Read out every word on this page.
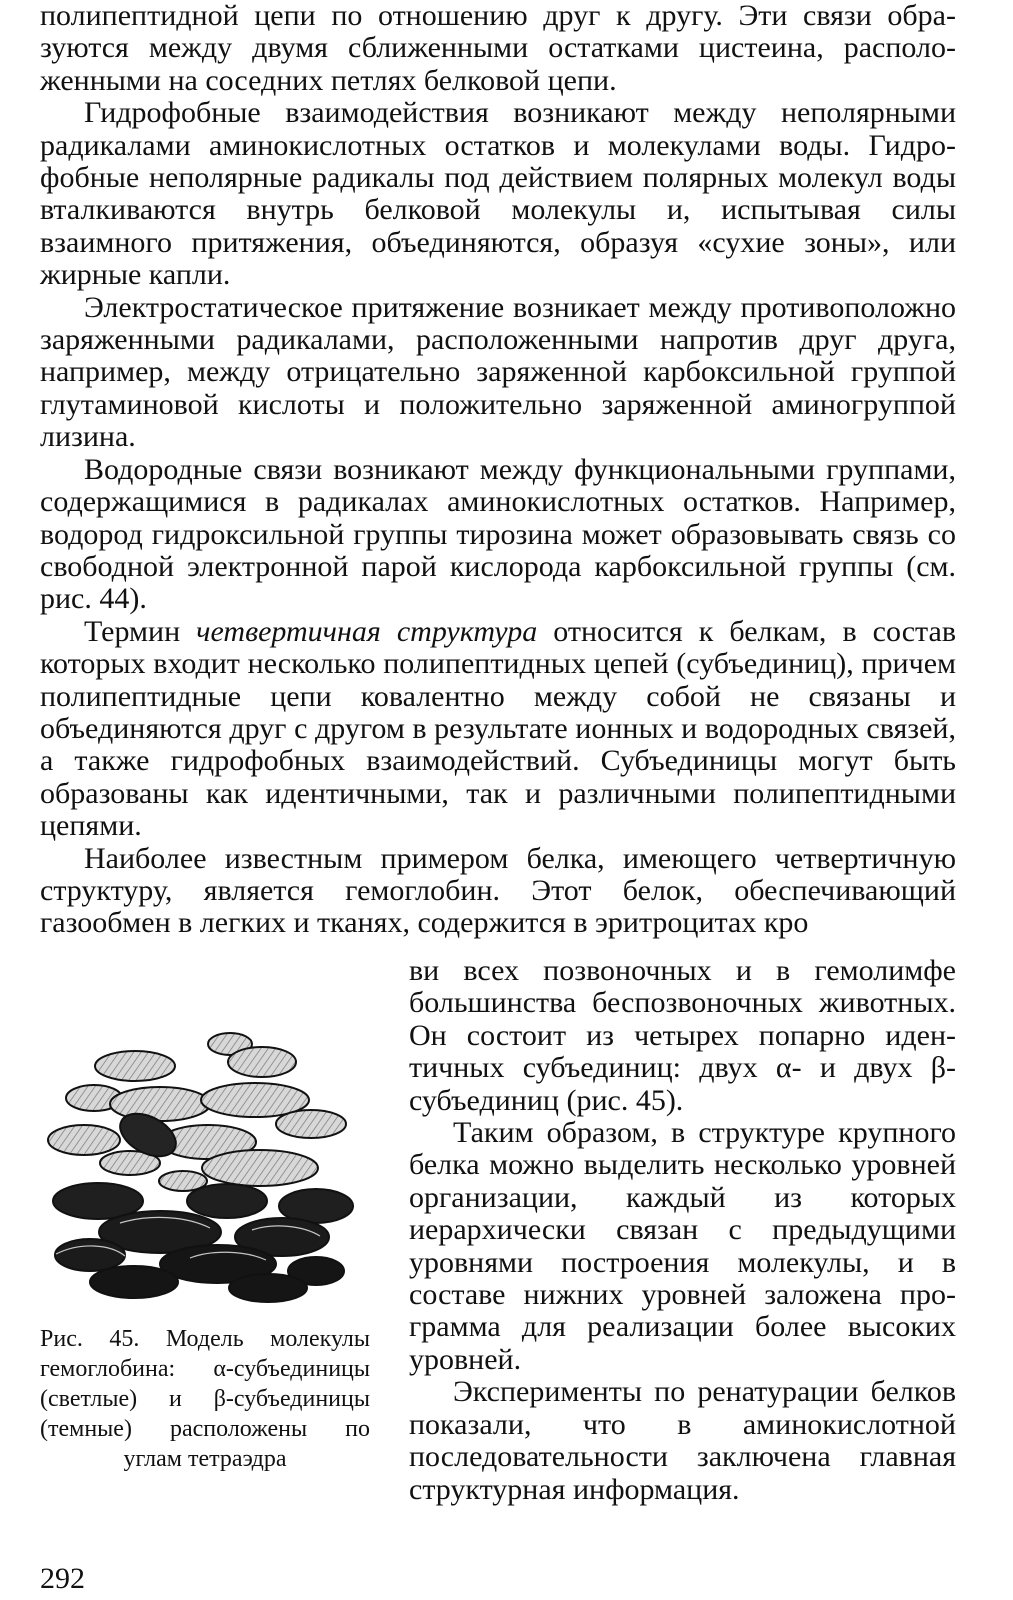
полипептидной цепи по отношению друг к другу. Эти связи образуются между двумя сближенными остатками цистеина, расположенными на соседних петлях белковой цепи.

Гидрофобные взаимодействия возникают между неполярными радикалами аминокислотных остатков и молекулами воды. Гидрофобные неполярные радикалы под действием полярных молекул воды вталкиваются внутрь белковой молекулы и, испытывая силы взаимного притяжения, объединяются, образуя «сухие зоны», или жирные капли.

Электростатическое притяжение возникает между противоположно заряженными радикалами, расположенными напротив друг друга, например, между отрицательно заряженной карбоксильной группой глутаминовой кислоты и положительно заряженной аминогруппой лизина.

Водородные связи возникают между функциональными группами, содержащимися в радикалах аминокислотных остатков. Например, водород гидроксильной группы тирозина может образовывать связь со свободной электронной парой кислорода карбоксильной группы (см. рис. 44).

Термин четвертичная структура относится к белкам, в состав которых входит несколько полипептидных цепей (субъединиц), причем полипептидные цепи ковалентно между собой не связаны и объединяются друг с другом в результате ионных и водородных связей, а также гидрофобных взаимодействий. Субъединицы могут быть образованы как идентичными, так и различными полипептидными цепями.

Наиболее известным примером белка, имеющего четвертичную структуру, является гемоглобин. Этот белок, обеспечивающий газообмен в легких и тканях, содержится в эритроцитах кро

Рис. 45. Модель молекулы гемоглобина: α-субъединицы (светлые) и β-субъединицы (темные) расположены по углам тетраэдра

ви всех позвоночных и в гемолимфе большинства беспозвоночных животных. Он состоит из четырех попарно идентичных субъединиц: двух α- и двух β-субъединиц (рис. 45).

Таким образом, в структуре крупного белка можно выделить несколько уровней организации, каждый из которых иерархически связан с предыдущими уровнями построения молекулы, и в составе нижних уровней заложена программа для реализации более высоких уровней.

Эксперименты по ренатурации белков показали, что в аминокислотной последовательности заключена главная структурная информация.

292
